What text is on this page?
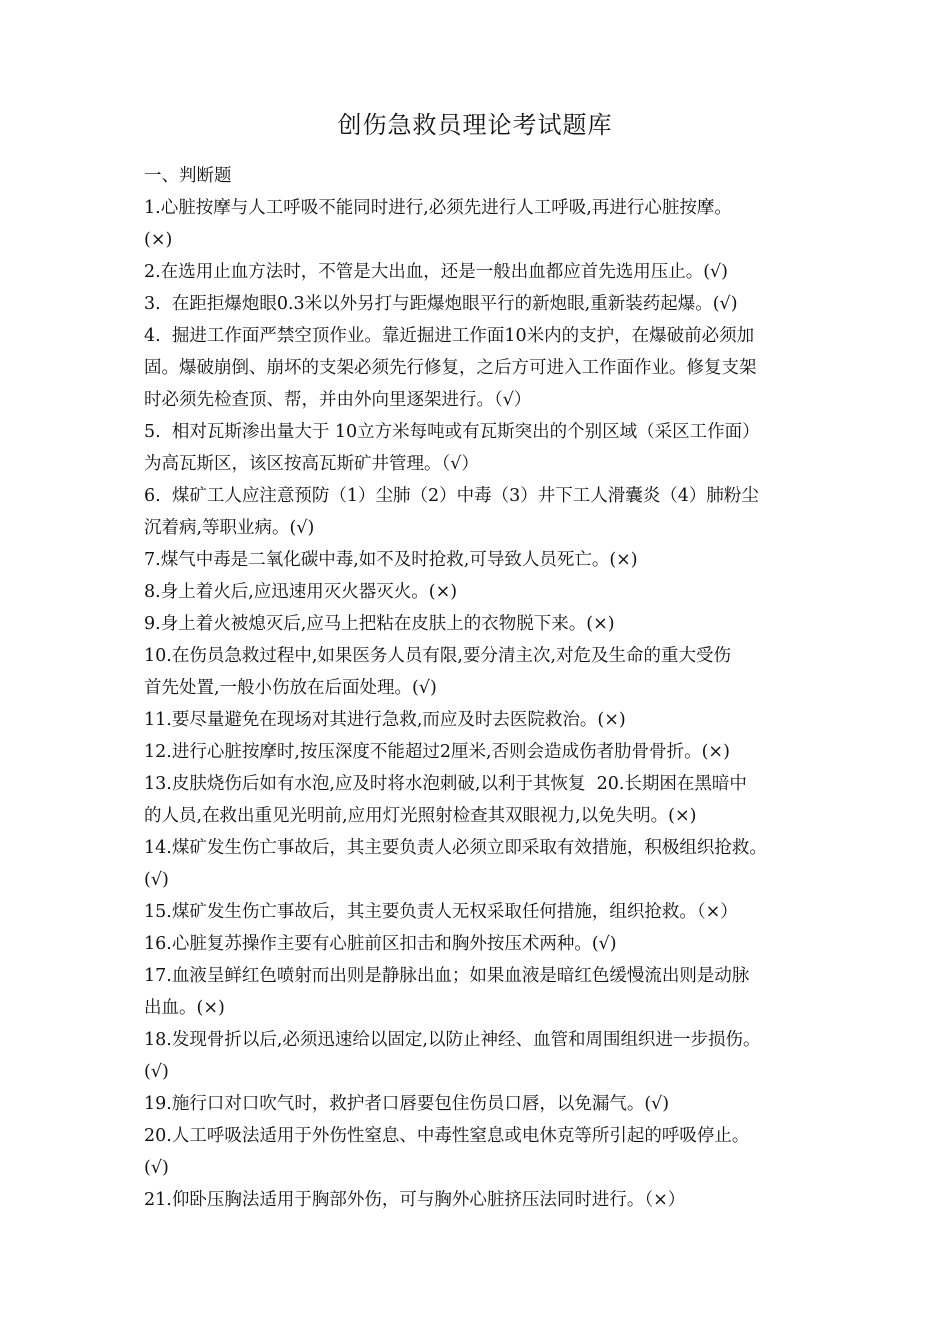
创伤急救员理论考试题库
一、判断题
1.心脏按摩与人工呼吸不能同时进行,必须先进行人工呼吸,再进行心脏按摩。
(×)
2.在选用止血方法时，不管是大出血，还是一般出血都应首先选用压止。(√)
3.  在距拒爆炮眼0.3米以外另打与距爆炮眼平行的新炮眼,重新装药起爆。(√)
4.  掘进工作面严禁空顶作业。靠近掘进工作面10米内的支护，在爆破前必须加
固。爆破崩倒、崩坏的支架必须先行修复，之后方可进入工作面作业。修复支架
时必须先检查顶、帮，并由外向里逐架进行。（√）
5.  相对瓦斯渗出量大于 10立方米每吨或有瓦斯突出的个别区域（采区工作面）
为高瓦斯区，该区按高瓦斯矿井管理。（√）
6.  煤矿工人应注意预防（1）尘肺（2）中毒（3）井下工人滑囊炎（4）肺粉尘
沉着病,等职业病。(√)
7.煤气中毒是二氧化碳中毒,如不及时抢救,可导致人员死亡。(×)
8.身上着火后,应迅速用灭火器灭火。(×)
9.身上着火被熄灭后,应马上把粘在皮肤上的衣物脱下来。(×)
10.在伤员急救过程中,如果医务人员有限,要分清主次,对危及生命的重大受伤
首先处置,一般小伤放在后面处理。(√)
11.要尽量避免在现场对其进行急救,而应及时去医院救治。(×)
12.进行心脏按摩时,按压深度不能超过2厘米,否则会造成伤者肋骨骨折。(×)
13.皮肤烧伤后如有水泡,应及时将水泡刺破,以利于其恢复  20.长期困在黑暗中
的人员,在救出重见光明前,应用灯光照射检查其双眼视力,以免失明。(×)
14.煤矿发生伤亡事故后，其主要负责人必须立即采取有效措施，积极组织抢救。
(√)
15.煤矿发生伤亡事故后，其主要负责人无权采取任何措施，组织抢救。（×）
16.心脏复苏操作主要有心脏前区扣击和胸外按压术两种。(√)
17.血液呈鲜红色喷射而出则是静脉出血；如果血液是暗红色缓慢流出则是动脉
出血。(×)
18.发现骨折以后,必须迅速给以固定,以防止神经、血管和周围组织进一步损伤。
(√)
19.施行口对口吹气时，救护者口唇要包住伤员口唇，以免漏气。(√)
20.人工呼吸法适用于外伤性窒息、中毒性窒息或电休克等所引起的呼吸停止。
(√)
21.仰卧压胸法适用于胸部外伤，可与胸外心脏挤压法同时进行。（×）
